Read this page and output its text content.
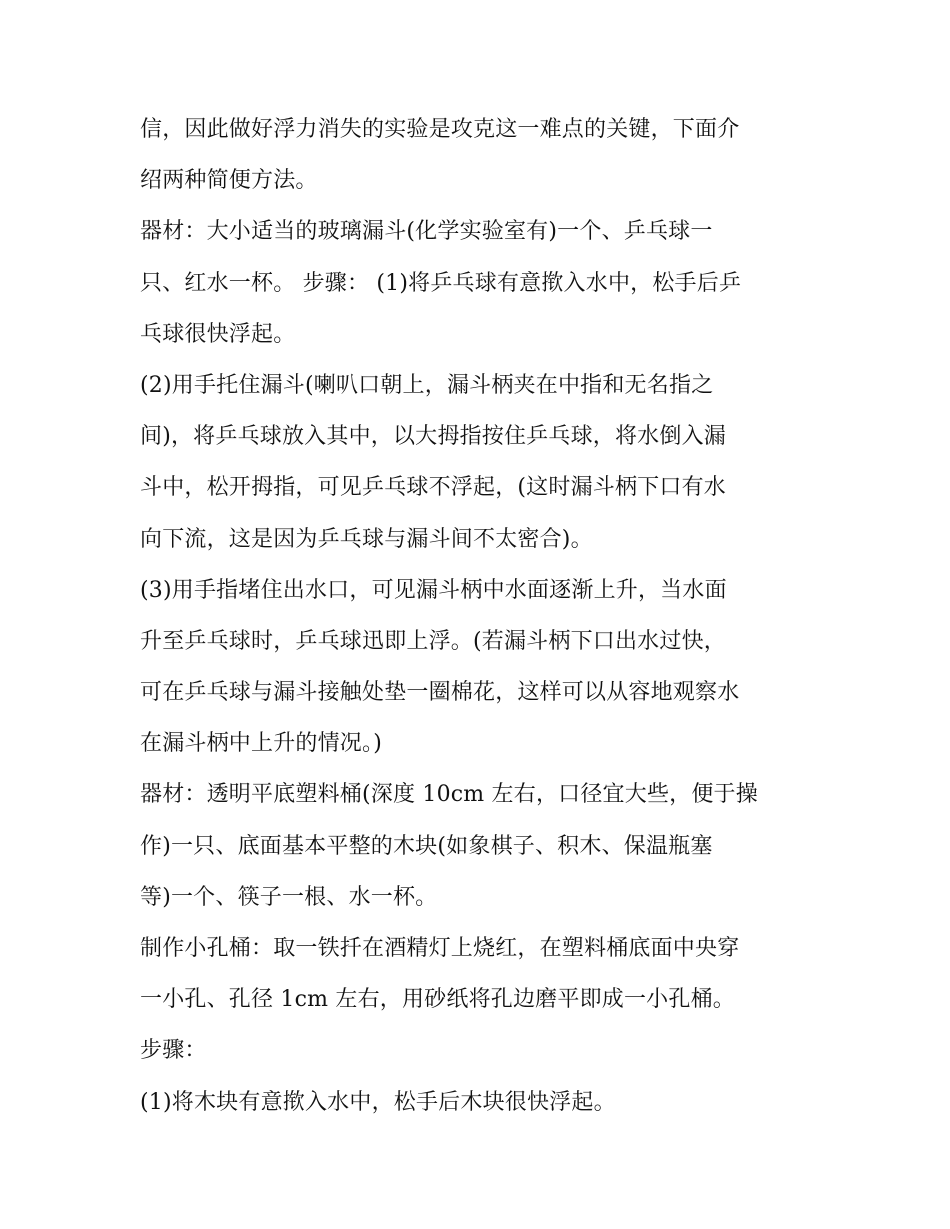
信，因此做好浮力消失的实验是攻克这一难点的关键，下面介
绍两种简便方法。
器材：大小适当的玻璃漏斗(化学实验室有)一个、乒乓球一
只、红水一杯。 步骤： (1)将乒乓球有意揿入水中，松手后乒
乓球很快浮起。
(2)用手托住漏斗(喇叭口朝上，漏斗柄夹在中指和无名指之
间)，将乒乓球放入其中，以大拇指按住乒乓球，将水倒入漏
斗中，松开拇指，可见乒乓球不浮起，(这时漏斗柄下口有水
向下流，这是因为乒乓球与漏斗间不太密合)。
(3)用手指堵住出水口，可见漏斗柄中水面逐渐上升，当水面
升至乒乓球时，乒乓球迅即上浮。(若漏斗柄下口出水过快，
可在乒乓球与漏斗接触处垫一圈棉花，这样可以从容地观察水
在漏斗柄中上升的情况。)
器材：透明平底塑料桶(深度 10cm 左右，口径宜大些，便于操
作)一只、底面基本平整的木块(如象棋子、积木、保温瓶塞
等)一个、筷子一根、水一杯。
制作小孔桶：取一铁扦在酒精灯上烧红，在塑料桶底面中央穿
一小孔、孔径 1cm 左右，用砂纸将孔边磨平即成一小孔桶。
步骤：
(1)将木块有意揿入水中，松手后木块很快浮起。
